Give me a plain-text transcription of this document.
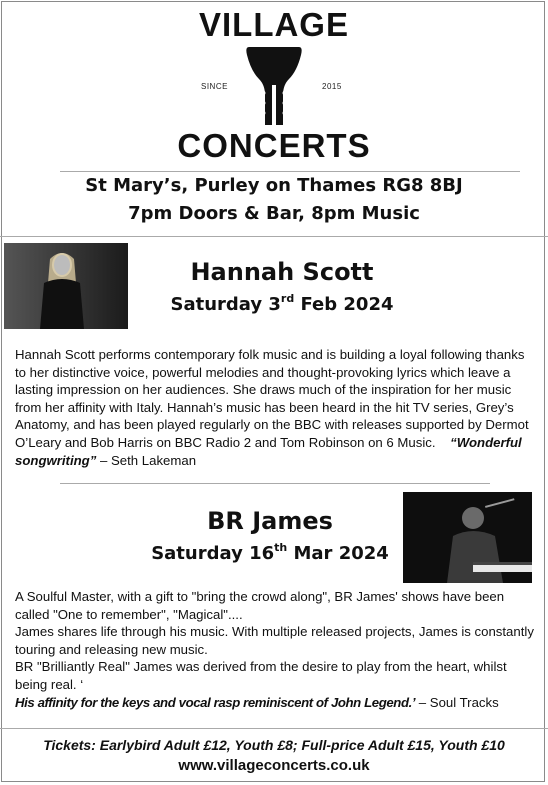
VILLAGE
SINCE	2015
CONCERTS
St Mary’s, Purley on Thames RG8 8BJ
7pm Doors & Bar, 8pm Music
Hannah Scott
Saturday 3rd Feb 2024
Hannah Scott performs contemporary folk music and is building a loyal following thanks to her distinctive voice, powerful melodies and thought-provoking lyrics which leave a lasting impression on her audiences. She draws much of the inspiration for her music from her affinity with Italy. Hannah’s music has been heard in the hit TV series, Grey’s Anatomy, and has been played regularly on the BBC with releases supported by Dermot O’Leary and Bob Harris on BBC Radio 2 and Tom Robinson on 6 Music. “Wonderful songwriting” – Seth Lakeman
BR James
Saturday 16th Mar 2024
A Soulful Master, with a gift to "bring the crowd along", BR James' shows have been called "One to remember", "Magical"....
James shares life through his music. With multiple released projects, James is constantly touring and releasing new music.
BR "Brilliantly Real" James was derived from the desire to play from the heart, whilst being real. ‘
His affinity for the keys and vocal rasp reminiscent of John Legend.’ – Soul Tracks
Tickets: Earlybird Adult £12, Youth £8; Full-price Adult £15, Youth £10
www.villageconcerts.co.uk
